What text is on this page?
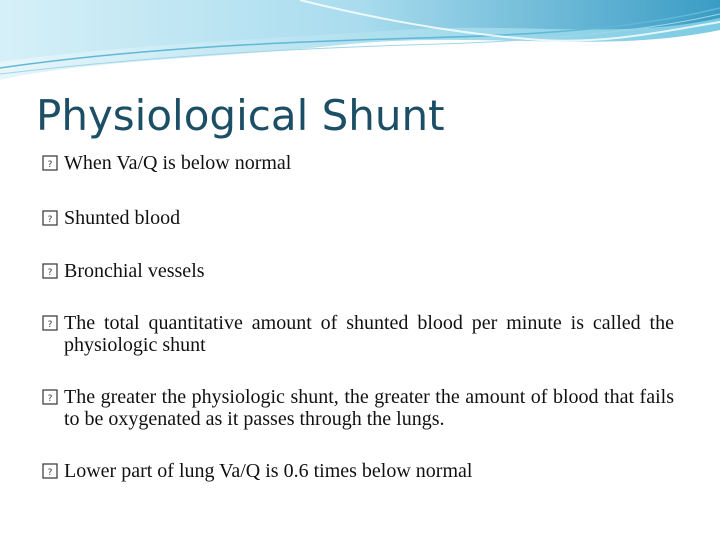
Physiological Shunt
? When Va/Q is below normal
? Shunted blood
? Bronchial vessels
? The total quantitative amount of shunted blood per minute is called the physiologic shunt
? The greater the physiologic shunt, the greater the amount of blood that fails to be oxygenated as it passes through the lungs.
? Lower part of lung Va/Q is 0.6 times below normal
